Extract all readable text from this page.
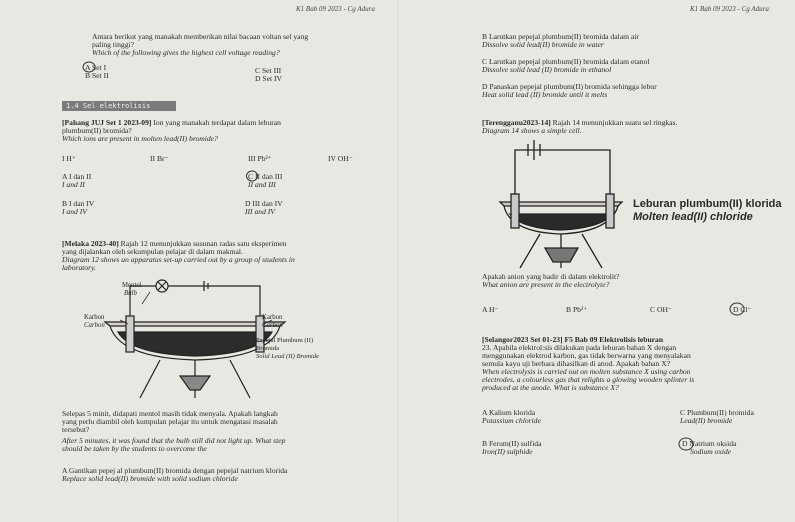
K1 Bab 09 2023 - Cg Adura	K1 Bab 09 2023 - Cg Adura
Antara berikut yang manakah memberikan nilai bacaan voltan sel yang
paling tinggi?
Which of the following gives the highest cell voltage reading?
A Set I
B Set II
C Set III
D Set IV
1.4 Sel elektrolisis
[Pahang JUJ Set 1 2023-09] Ion yang manakah terdapat dalam leburan
plumbum(II) bromida?
Which ions are present in molten lead(II) bromide?
I H⁺	II Br⁻	III Pb²⁺	IV OH⁻
A I dan II
I and II
C II dan III
II and III
B I dan IV
I and IV
D III dan IV
III and IV
[Melaka 2023-40] Rajah 12 menunjukkan susunan radas satu eksperimen
yang dijalankan oleh sekumpulan pelajar di dalam makmal.
Diagram 12 shows an apparatus set-up carried out by a group of students in
laboratory.
Mentol
Bulb
Karbon
Carbon
Karbon
Carbon
Pepejal Plumbum (II)
Bromida
Solid Lead (II) Bromide
Selepas 5 minit, didapati mentol masih tidak menyala. Apakah langkah
yang perlu diambil oleh kumpulan pelajar itu untuk mengatasi masalah
tersebut?
After 5 minutes, it was found that the bulb still did not light up. What step
should be taken by the students to overcome the
A Gantikan pepej al plumbum(II) bromida dengan pepejal natrium klorida
Replace solid lead(II) bromide with solid sodium chloride
B Larutkan pepejal plumbum(II) bromida dalam air
Dissolve solid lead(II) bromide in water
C Larutkan pepejal plumbum(II) bromida dalam etanol
Dissolve solid lead (II) bromide in ethanol
D Panaskan pepejal plumbum(II) bromida sehingga lebur
Heat solid lead (II) bromide until it melts
[Terengganu2023-14] Rajah 14 menunjukkan suatu sel ringkas.
Diagram 14 shows a simple cell.
Leburan plumbum(II) klorida
Molten lead(II) chloride
Apakah anion yang hadir di dalam elektrolit?
What anion are present in the electrolyte?
A H⁻	B Pb²⁺	C OH⁻	D Cl⁻
[Selangor2023 Set 01-23] F5 Bab 09 Elektrolisis leburan
23. Apabila elektrol:sis dilakukan pada leburan bahan X dengan
menggunakan elektrod karbon, gas tidak berwarna yang menyalakan
semula kayu uji berbara dihasilkan di anod. Apakah bahan X?
When electrolysis is carried out on molten substance X using carbon
electrodes, a colourless gas that relights a glowing wooden splinter is
produced at the anode. What is substance X?
A Kalium klorida
Potassium chloride
C Plumbum(II) bromida
Lead(II) bromide
B Ferum(II) sulfida
Iron(II) sulphide
D Natrium oksida
Sodium oxide
